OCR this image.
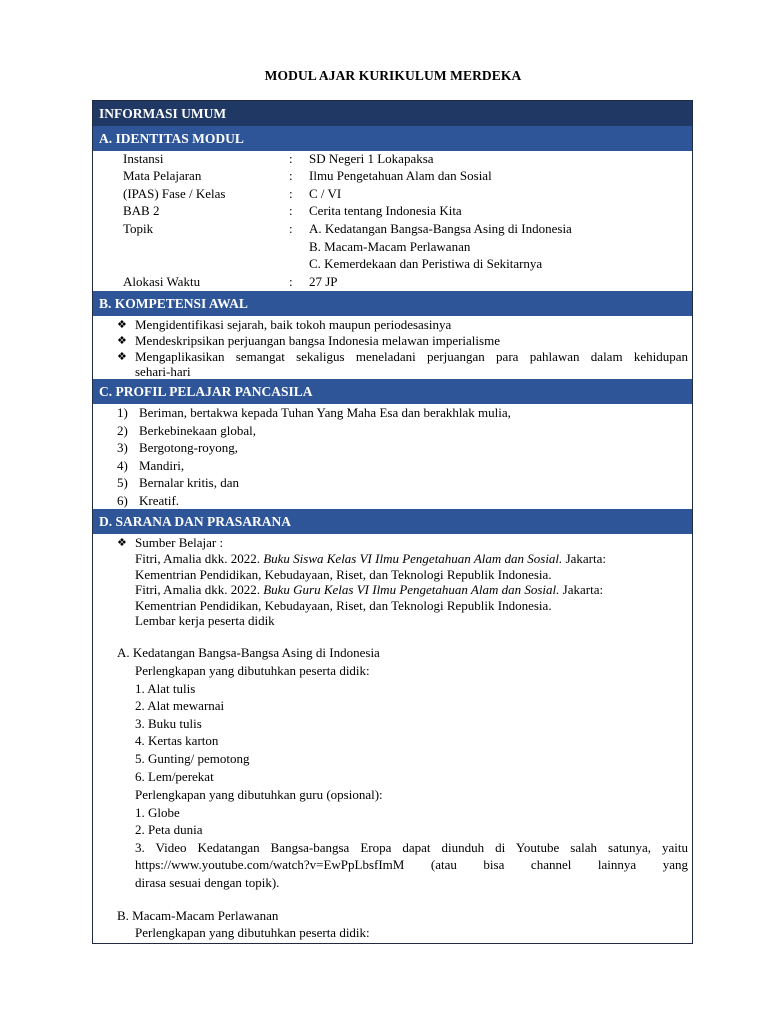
MODUL AJAR KURIKULUM MERDEKA
INFORMASI UMUM
A. IDENTITAS MODUL
Instansi	: SD Negeri 1 Lokapaksa
Mata Pelajaran	: Ilmu Pengetahuan Alam dan Sosial
(IPAS) Fase / Kelas	: C / VI
BAB 2	: Cerita tentang Indonesia Kita
Topik	: A. Kedatangan Bangsa-Bangsa Asing di Indonesia
B. Macam-Macam Perlawanan
C. Kemerdekaan dan Peristiwa di Sekitarnya
Alokasi Waktu	: 27 JP
B. KOMPETENSI AWAL
❖ Mengidentifikasi sejarah, baik tokoh maupun periodesasinya
❖ Mendeskripsikan perjuangan bangsa Indonesia melawan imperialisme
❖ Mengaplikasikan semangat sekaligus meneladani perjuangan para pahlawan dalam kehidupan
sehari-hari
C. PROFIL PELAJAR PANCASILA
1) Beriman, bertakwa kepada Tuhan Yang Maha Esa dan berakhlak mulia,
2) Berkebinekaan global,
3) Bergotong-royong,
4) Mandiri,
5) Bernalar kritis, dan
6) Kreatif.
D. SARANA DAN PRASARANA
❖ Sumber Belajar :
Fitri, Amalia dkk. 2022. Buku Siswa Kelas VI Ilmu Pengetahuan Alam dan Sosial. Jakarta:
Kementrian Pendidikan, Kebudayaan, Riset, dan Teknologi Republik Indonesia.
Fitri, Amalia dkk. 2022. Buku Guru Kelas VI Ilmu Pengetahuan Alam dan Sosial. Jakarta:
Kementrian Pendidikan, Kebudayaan, Riset, dan Teknologi Republik Indonesia.
Lembar kerja peserta didik
A. Kedatangan Bangsa-Bangsa Asing di Indonesia
Perlengkapan yang dibutuhkan peserta didik:
1. Alat tulis
2. Alat mewarnai
3. Buku tulis
4. Kertas karton
5. Gunting/ pemotong
6. Lem/perekat
Perlengkapan yang dibutuhkan guru (opsional):
1. Globe
2. Peta dunia
3. Video Kedatangan Bangsa-bangsa Eropa dapat diunduh di Youtube salah satunya, yaitu
https://www.youtube.com/watch?v=EwPpLbsfImM (atau bisa channel lainnya yang
dirasa sesuai dengan topik).
B. Macam-Macam Perlawanan
Perlengkapan yang dibutuhkan peserta didik:
